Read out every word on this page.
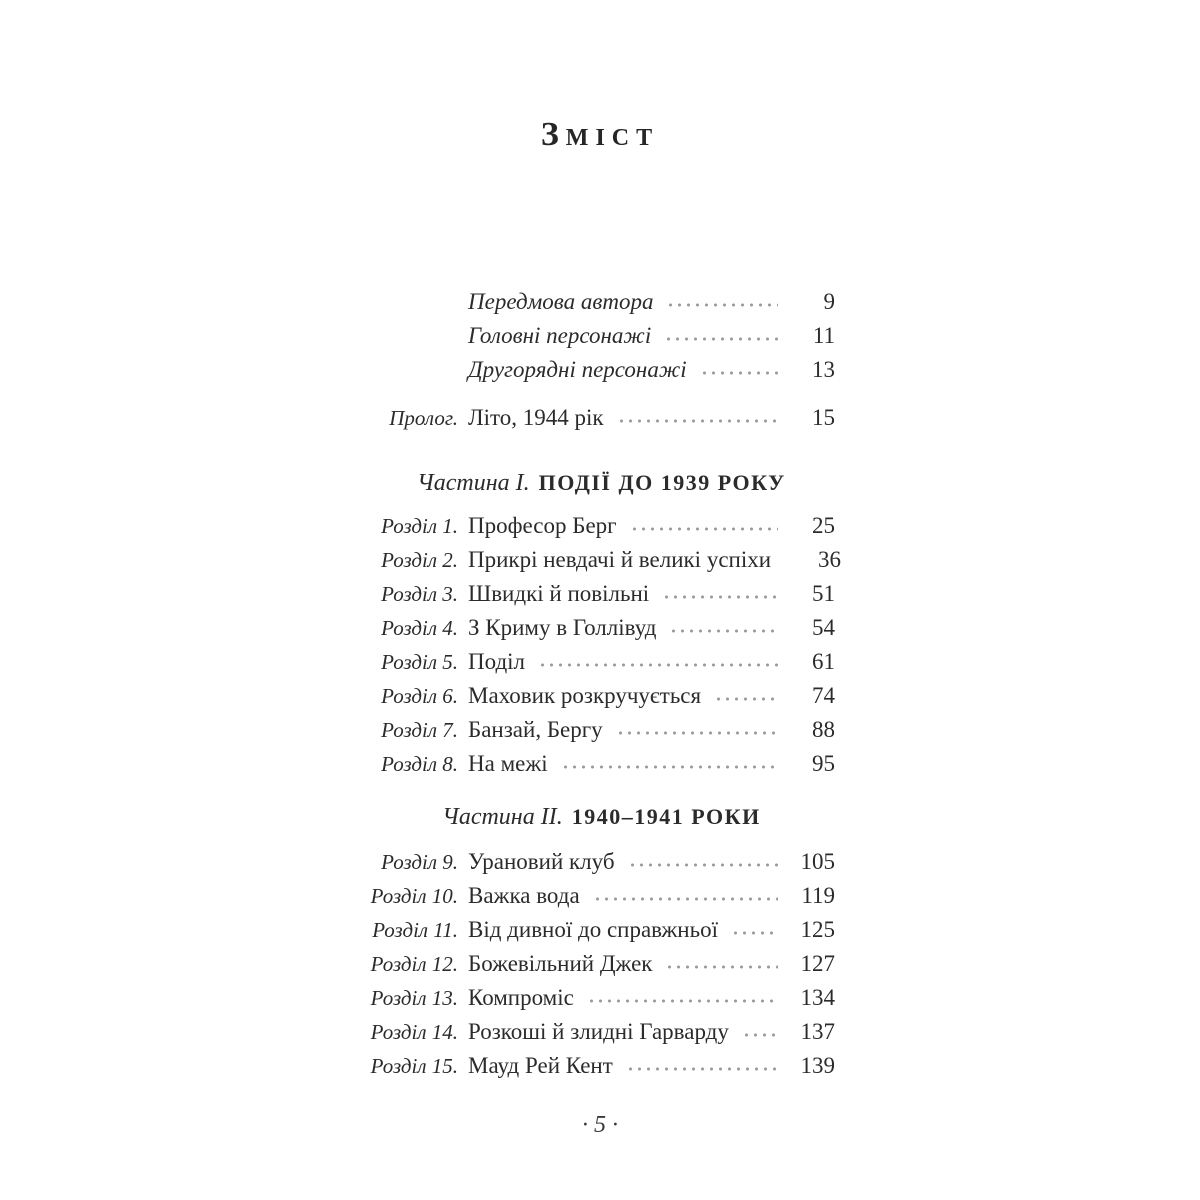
Зміст
Передмова автора	9
Головні персонажі	11
Другорядні персонажі	13
Пролог. Літо, 1944 рік	15
Частина I. ПОДІЇ ДО 1939 РОКУ
Розділ 1. Професор Берг	25
Розділ 2. Прикрі невдачі й великі успіхи	36
Розділ 3. Швидкі й повільні	51
Розділ 4. З Криму в Голлівуд	54
Розділ 5. Поділ	61
Розділ 6. Маховик розкручується	74
Розділ 7. Банзай, Бергу	88
Розділ 8. На межі	95
Частина II. 1940–1941 РОКИ
Розділ 9. Урановий клуб	105
Розділ 10. Важка вода	119
Розділ 11. Від дивної до справжньої	125
Розділ 12. Божевільний Джек	127
Розділ 13. Компроміс	134
Розділ 14. Розкоші й злидні Гарварду	137
Розділ 15. Мауд Рей Кент	139
· 5 ·
